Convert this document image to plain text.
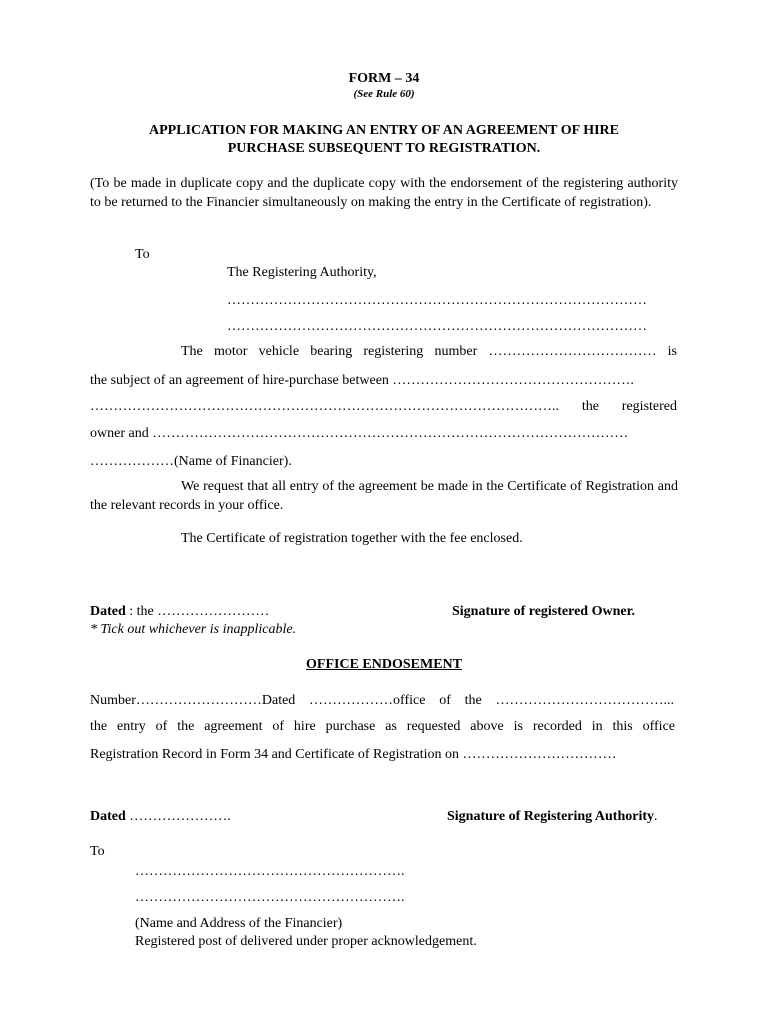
FORM – 34
(See Rule 60)
APPLICATION FOR MAKING AN ENTRY OF AN AGREEMENT OF HIRE
PURCHASE SUBSEQUENT TO REGISTRATION.
(To be made in duplicate copy and the duplicate copy with the endorsement of the registering authority to be returned to the Financier simultaneously on making the entry in the Certificate of registration).
To
The Registering Authority,
………………………………………………………………………………
………………………………………………………………………………
The motor vehicle bearing registering number ……………………………… is
the subject of an agreement of hire-purchase between …………………………………………….
……………………………………………………………………………………….. the registered
owner and …………………………………………………………………………………………
………………(Name of Financier).
We request that all entry of the agreement be made in the Certificate of Registration and the relevant records in your office.
The Certificate of registration together with the fee enclosed.
Dated : the ……………………	Signature of registered Owner.
* Tick out whichever is inapplicable.
OFFICE ENDOSEMENT
Number………………………Dated ………………office of the ………………………………...
the entry of the agreement of hire purchase as requested above is recorded in this office
Registration Record in Form 34 and Certificate of Registration on ……………………………
Dated ………………….	Signature of Registering Authority.
To
………………………………………………….
………………………………………………….
(Name and Address of the Financier)
Registered post of delivered under proper acknowledgement.
